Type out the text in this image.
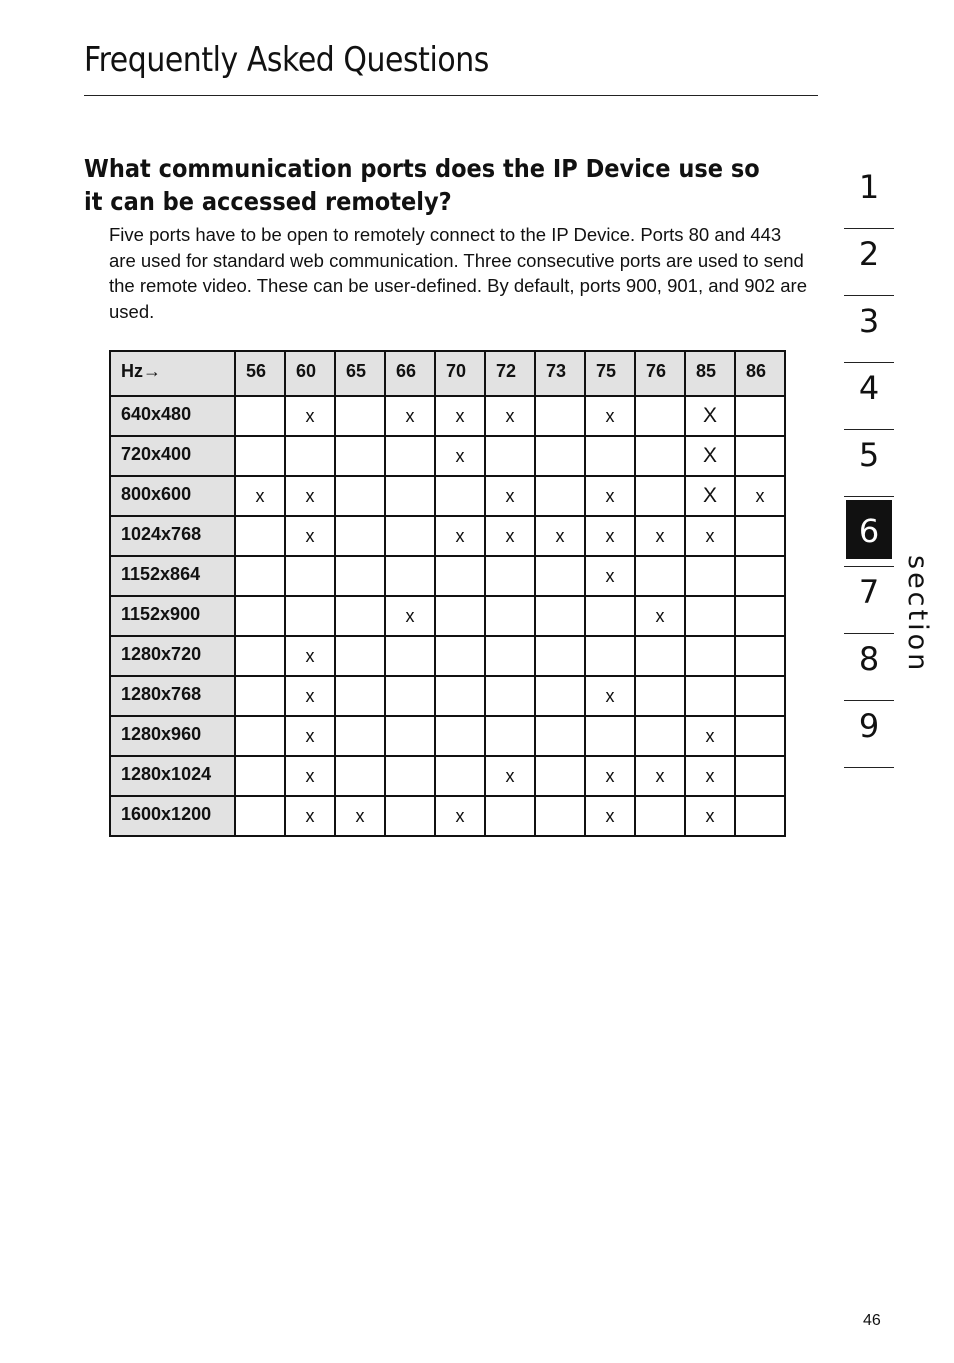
Frequently Asked Questions
What communication ports does the IP Device use so it can be accessed remotely?

Five ports have to be open to remotely connect to the IP Device. Ports 80 and 443 are used for standard web communication. Three consecutive ports are used to send the remote video. These can be user-defined. By default, ports 900, 901, and 902 are used.

Hz→	56	60	65	66	70	72	73	75	76	85	86
640x480		x		x	x	x		x		X	
720x400					x					X	
800x600	x	x				x		x		X	x
1024x768		x			x	x	x	x	x	x	
1152x864								x			
1152x900				x					x		
1280x720		x									
1280x768		x						x			
1280x960		x								x	
1280x1024		x				x		x	x	x	
1600x1200		x	x		x			x		x	
1
2
3
4
5
6
7
8
9
section
46
